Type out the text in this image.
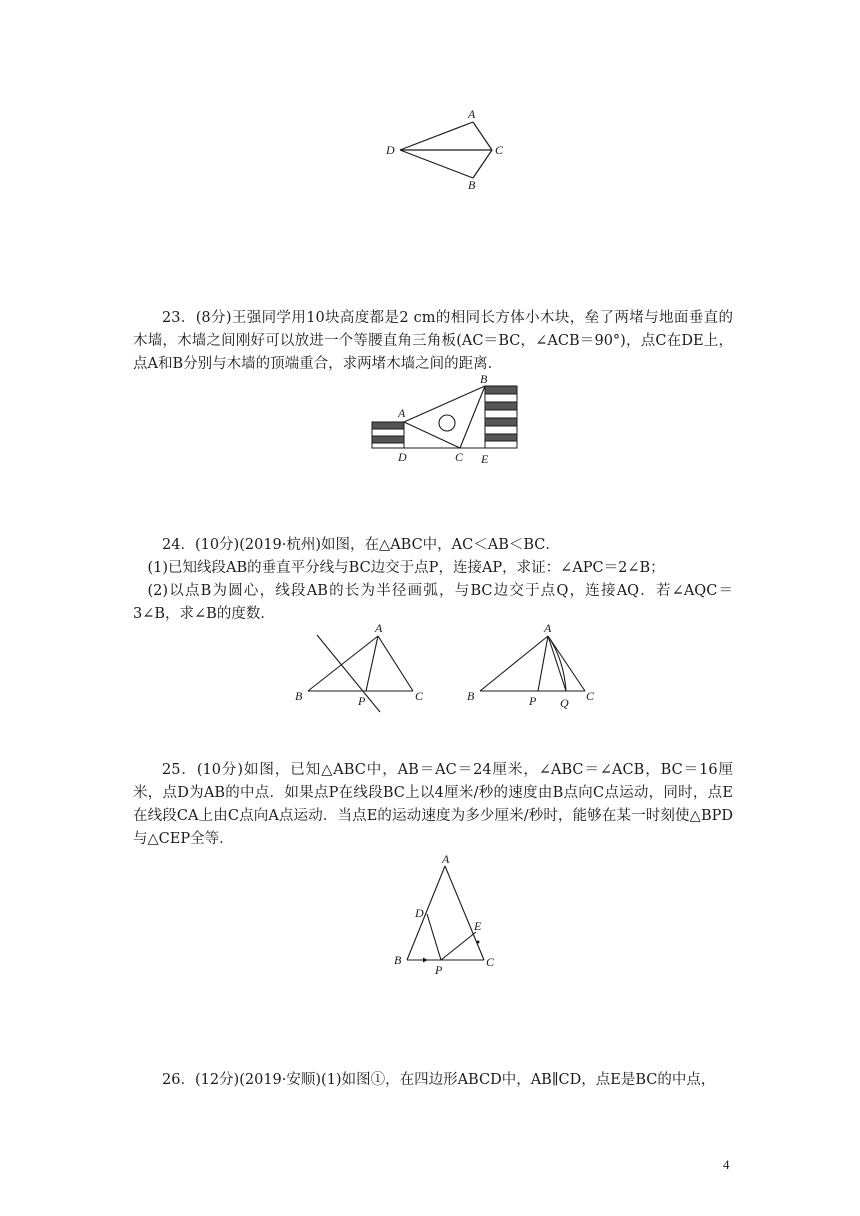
A
D	C
B

23．(8分)王强同学用10块高度都是2 cm的相同长方体小木块，垒了两堵与地面垂直的木墙，木墙之间刚好可以放进一个等腰直角三角板(AC＝BC，∠ACB＝90°)，点C在DE上，点A和B分别与木墙的顶端重合，求两堵木墙之间的距离．

A
B
D	C E

24．(10分)(2019·杭州)如图，在△ABC中，AC＜AB＜BC．

(1)已知线段AB的垂直平分线与BC边交于点P，连接AP，求证：∠APC＝2∠B；

(2)以点B为圆心，线段AB的长为半径画弧，与BC边交于点Q，连接AQ．若∠AQC＝3∠B，求∠B的度数．

A
B	P	C
A
B	P Q C

25．(10分)如图，已知△ABC中，AB＝AC＝24厘米，∠ABC＝∠ACB，BC＝16厘米，点D为AB的中点．如果点P在线段BC上以4厘米/秒的速度由B点向C点运动，同时，点E在线段CA上由C点向A点运动．当点E的运动速度为多少厘米/秒时，能够在某一时刻使△BPD与△CEP全等．

A
D
E
B
P
C

26．(12分)(2019·安顺)(1)如图①，在四边形ABCD中，AB∥CD，点E是BC的中点，

4
